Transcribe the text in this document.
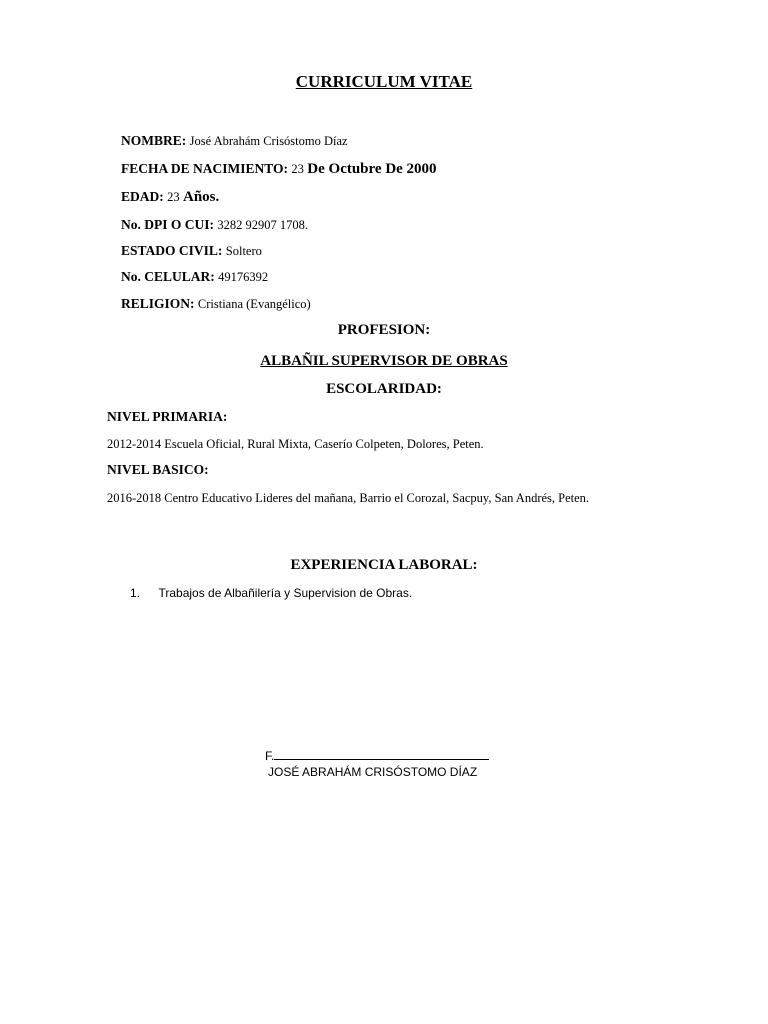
CURRICULUM VITAE
NOMBRE: José Abrahám Crisóstomo Díaz
FECHA DE NACIMIENTO: 23 De Octubre De 2000
EDAD: 23 Años.
No. DPI O CUI: 3282 92907 1708.
ESTADO CIVIL: Soltero
No. CELULAR: 49176392
RELIGION: Cristiana (Evangélico)
PROFESION:
ALBAÑIL SUPERVISOR DE OBRAS
ESCOLARIDAD:
NIVEL PRIMARIA:
2012-2014 Escuela Oficial, Rural Mixta, Caserío Colpeten, Dolores, Peten.
NIVEL BASICO:
2016-2018 Centro Educativo Lideres del mañana, Barrio el Corozal, Sacpuy, San Andrés, Peten.
EXPERIENCIA LABORAL:
1. Trabajos de Albañilería y Supervision de Obras.
F.
JOSÉ ABRAHÁM CRISÓSTOMO DÍAZ
